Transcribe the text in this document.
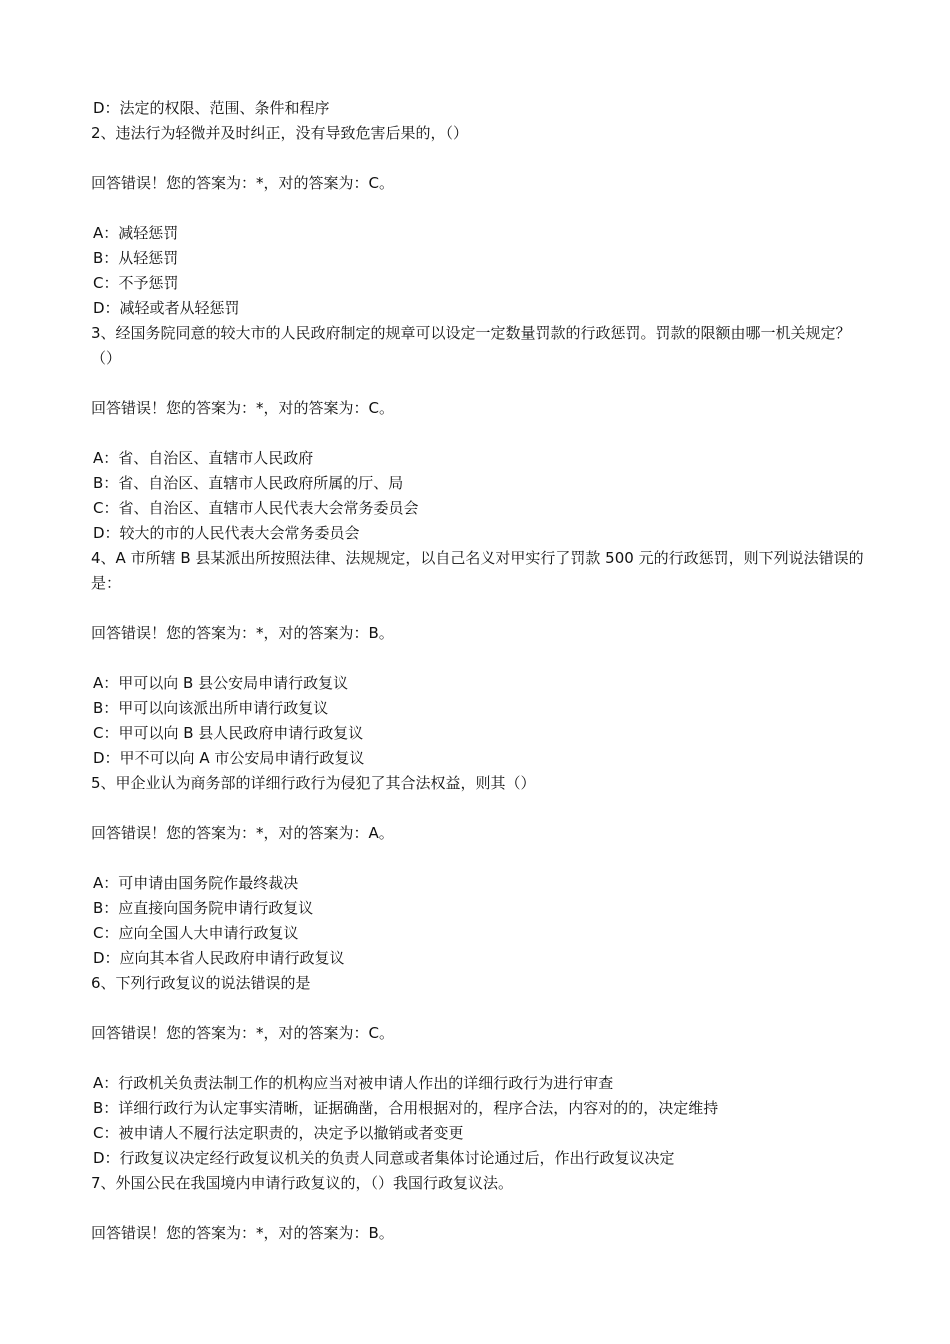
D：法定的权限、范围、条件和程序
2、违法行为轻微并及时纠正，没有导致危害后果的，（）
回答错误！您的答案为：*，对的答案为：C。
A：减轻惩罚
B：从轻惩罚
C：不予惩罚
D：减轻或者从轻惩罚
3、经国务院同意的较大市的人民政府制定的规章可以设定一定数量罚款的行政惩罚。罚款的限额由哪一机关规定？（）
回答错误！您的答案为：*，对的答案为：C。
A：省、自治区、直辖市人民政府
B：省、自治区、直辖市人民政府所属的厅、局
C：省、自治区、直辖市人民代表大会常务委员会
D：较大的市的人民代表大会常务委员会
4、A 市所辖 B 县某派出所按照法律、法规规定，以自己名义对甲实行了罚款 500 元的行政惩罚，则下列说法错误的是：
回答错误！您的答案为：*，对的答案为：B。
A：甲可以向 B 县公安局申请行政复议
B：甲可以向该派出所申请行政复议
C：甲可以向 B 县人民政府申请行政复议
D：甲不可以向 A 市公安局申请行政复议
5、甲企业认为商务部的详细行政行为侵犯了其合法权益，则其（）
回答错误！您的答案为：*，对的答案为：A。
A：可申请由国务院作最终裁决
B：应直接向国务院申请行政复议
C：应向全国人大申请行政复议
D：应向其本省人民政府申请行政复议
6、下列行政复议的说法错误的是
回答错误！您的答案为：*，对的答案为：C。
A：行政机关负责法制工作的机构应当对被申请人作出的详细行政行为进行审查
B：详细行政行为认定事实清晰，证据确凿，合用根据对的，程序合法，内容对的的，决定维持
C：被申请人不履行法定职责的，决定予以撤销或者变更
D：行政复议决定经行政复议机关的负责人同意或者集体讨论通过后，作出行政复议决定
7、外国公民在我国境内申请行政复议的，（）我国行政复议法。
回答错误！您的答案为：*，对的答案为：B。
